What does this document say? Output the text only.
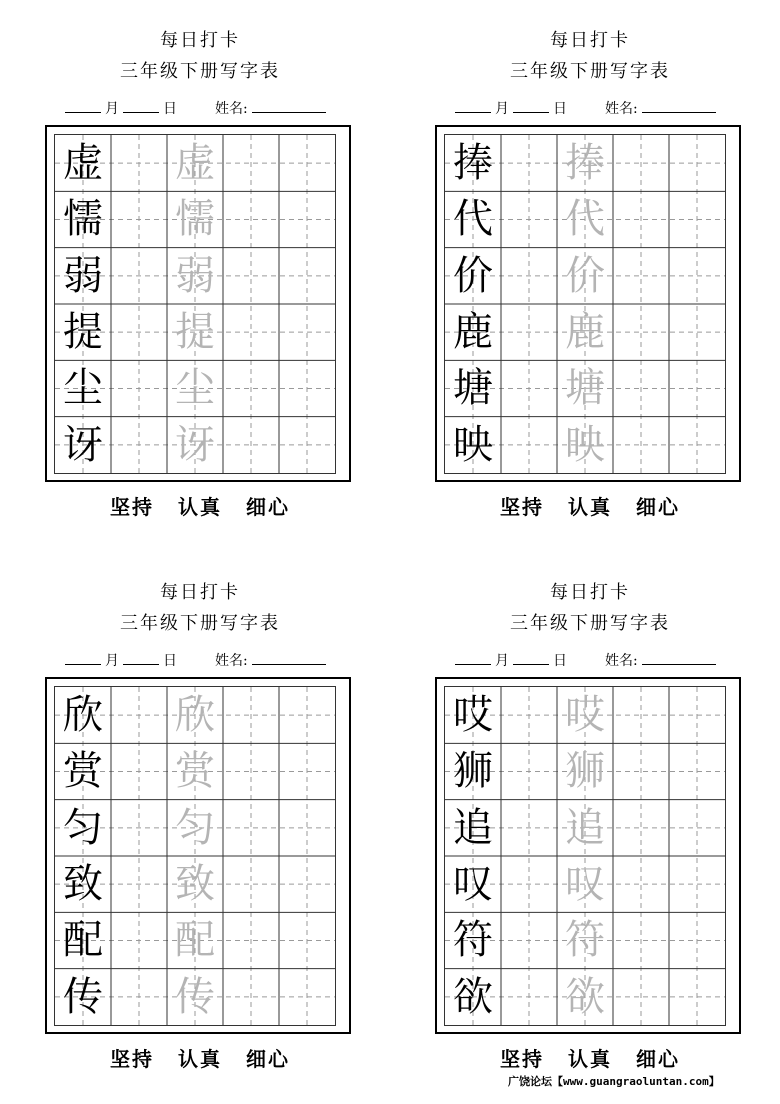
每日打卡
三年级下册写字表
月	日	姓名:
虚 虚
懦 懦
弱 弱
提 提
尘 尘
讶 讶
坚持 认真 细心
每日打卡
三年级下册写字表
月	日	姓名:
捧 捧
代 代
价 价
鹿 鹿
塘 塘
映 映
坚持 认真 细心
每日打卡
三年级下册写字表
月	日	姓名:
欣 欣
赏 赏
匀 匀
致 致
配 配
传 传
坚持 认真 细心
每日打卡
三年级下册写字表
月	日	姓名:
哎 哎
狮 狮
追 追
叹 叹
符 符
欲 欲
坚持 认真 细心
广饶论坛【www.guangraoluntan.com】
